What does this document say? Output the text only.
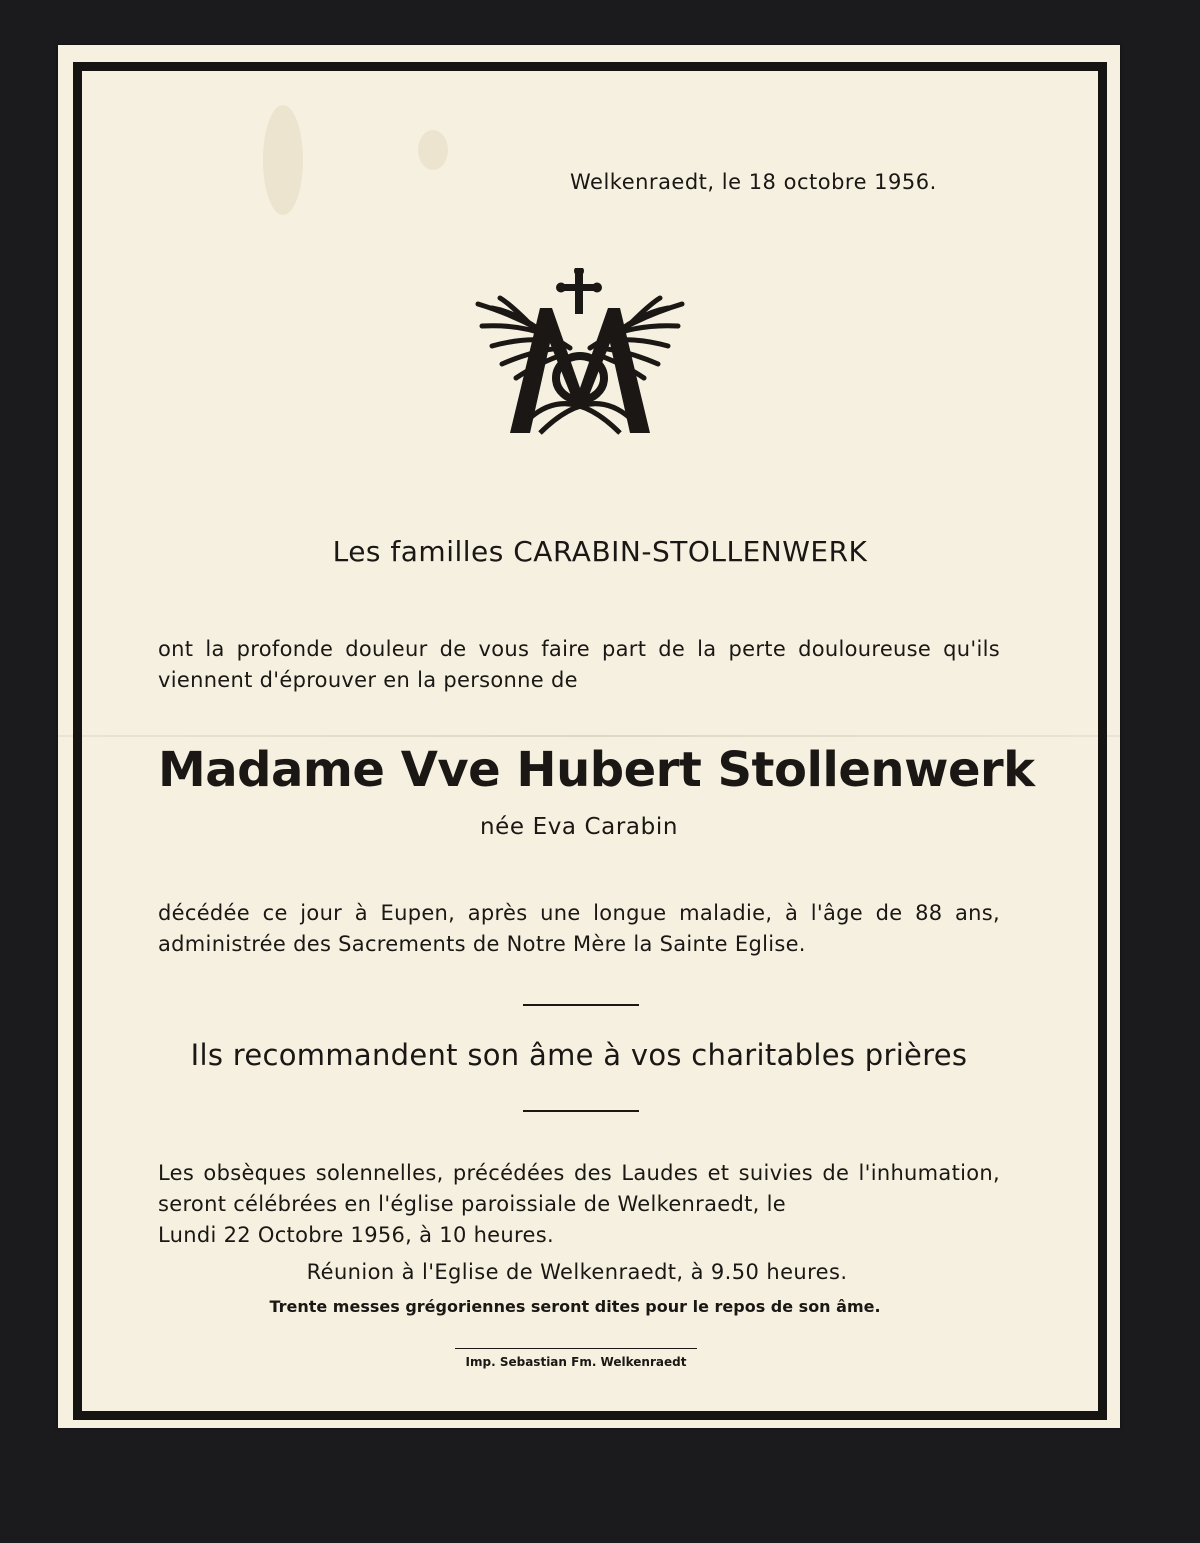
Welkenraedt, le 18 octobre 1956.
Les familles CARABIN-STOLLENWERK
ont la profonde douleur de vous faire part de la perte douloureuse qu'ils viennent d'éprouver en la personne de
Madame Vve Hubert Stollenwerk
née Eva Carabin
décédée ce jour à Eupen, après une longue maladie, à l'âge de 88 ans, administrée des Sacrements de Notre Mère la Sainte Eglise.
Ils recommandent son âme à vos charitables prières
Les obsèques solennelles, précédées des Laudes et suivies de l'inhumation, seront célébrées en l'église paroissiale de Welkenraedt, le
Lundi 22 Octobre 1956, à 10 heures.
Réunion à l'Eglise de Welkenraedt, à 9.50 heures.
Trente messes grégoriennes seront dites pour le repos de son âme.
Imp. Sebastian Fm. Welkenraedt
